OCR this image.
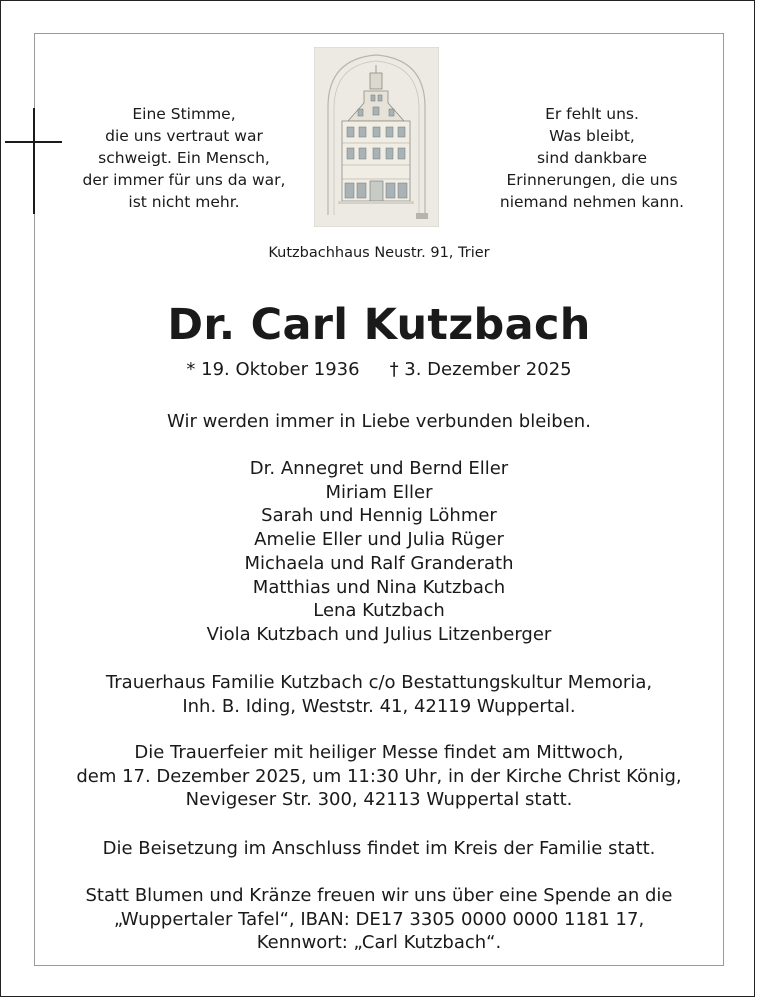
Eine Stimme,
die uns vertraut war
schweigt. Ein Mensch,
der immer für uns da war,
ist nicht mehr.
Er fehlt uns.
Was bleibt,
sind dankbare
Erinnerungen, die uns
niemand nehmen kann.
Kutzbachhaus Neustr. 91, Trier
Dr. Carl Kutzbach
* 19. Oktober 1936 † 3. Dezember 2025
Wir werden immer in Liebe verbunden bleiben.
Dr. Annegret und Bernd Eller
Miriam Eller
Sarah und Hennig Löhmer
Amelie Eller und Julia Rüger
Michaela und Ralf Granderath
Matthias und Nina Kutzbach
Lena Kutzbach
Viola Kutzbach und Julius Litzenberger
Trauerhaus Familie Kutzbach c/o Bestattungskultur Memoria,
Inh. B. Iding, Weststr. 41, 42119 Wuppertal.
Die Trauerfeier mit heiliger Messe findet am Mittwoch,
dem 17. Dezember 2025, um 11:30 Uhr, in der Kirche Christ König,
Nevigeser Str. 300, 42113 Wuppertal statt.
Die Beisetzung im Anschluss findet im Kreis der Familie statt.
Statt Blumen und Kränze freuen wir uns über eine Spende an die
„Wuppertaler Tafel“, IBAN: DE17 3305 0000 0000 1181 17,
Kennwort: „Carl Kutzbach“.
